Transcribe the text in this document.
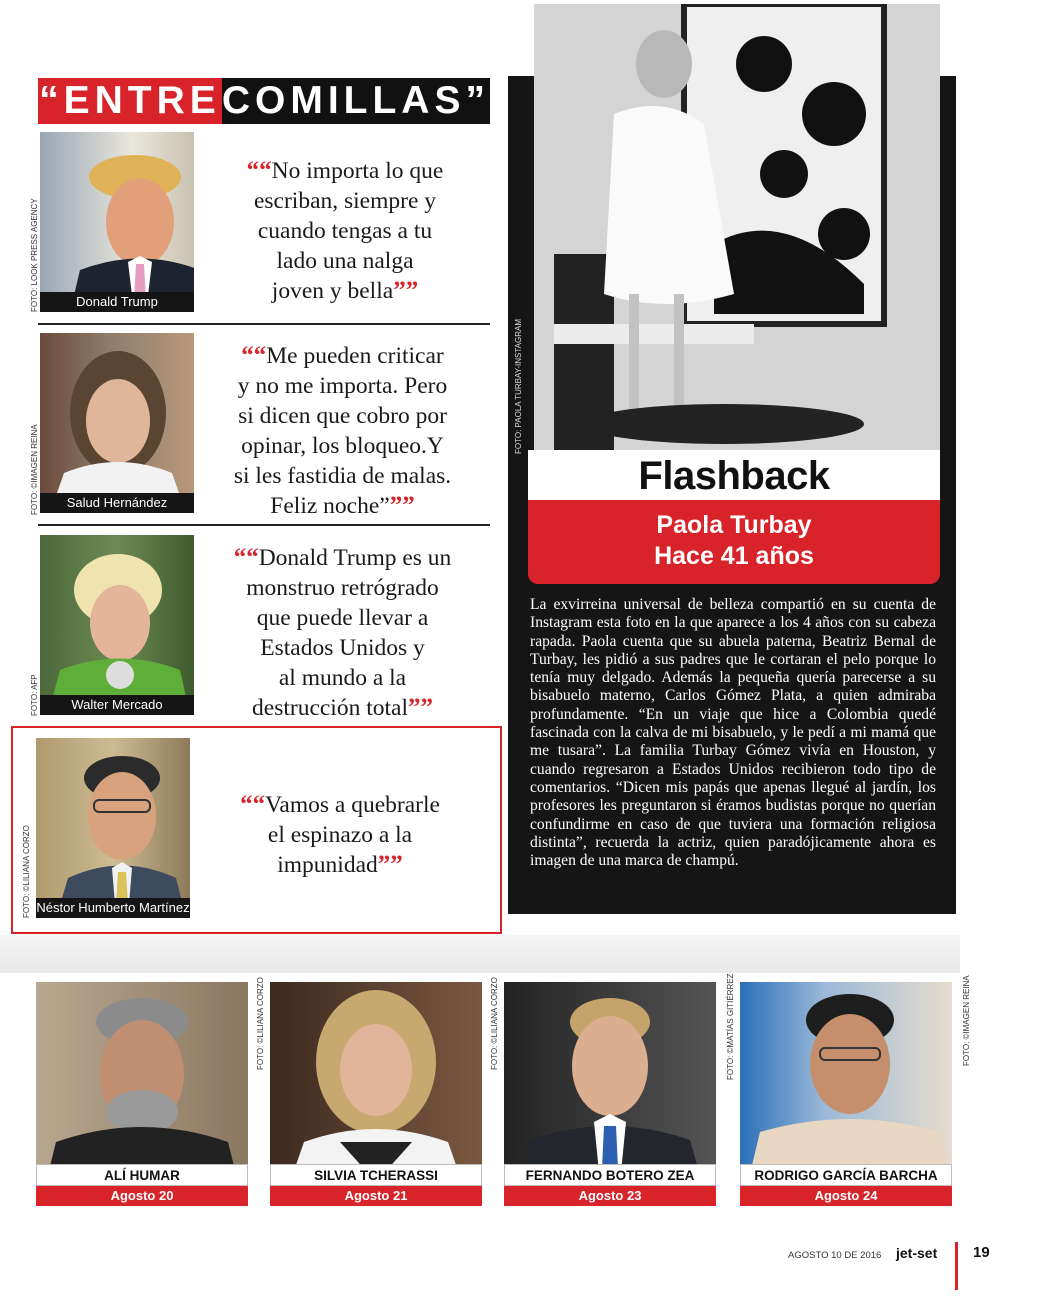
“ENTRE COMILLAS”
FOTO: LOOK PRESS AGENCY	Donald Trump
““No importa lo que
escriban, siempre y
cuando tengas a tu
lado una nalga
joven y bella””
FOTO: ©IMAGEN REINA	Salud Hernández
““Me pueden criticar
y no me importa. Pero
si dicen que cobro por
opinar, los bloqueo.Y
si les fastidia de malas.
Feliz noche”””
FOTO: AFP	Walter Mercado
““Donald Trump es un
monstruo retrógrado
que puede llevar a
Estados Unidos y
al mundo a la
destrucción total””
FOTO: ©LILIANA CORZO Néstor Humberto Martínez
““Vamos a quebrarle
el espinazo a la
impunidad””
FOTO: PAOLA TURBAY-INSTAGRAM
Flashback
Paola Turbay
Hace 41 años
La exvirreina universal de belleza compartió en su cuenta de Instagram esta foto en la que aparece a los 4 años con su cabeza rapada. Paola cuenta que su abuela paterna, Beatriz Bernal de Turbay, les pidió a sus padres que le cortaran el pelo porque lo tenía muy delgado. Además la pequeña quería parecerse a su bisabuelo materno, Carlos Gómez Plata, a quien admiraba profundamente. “En un viaje que hice a Colombia quedé fascinada con la calva de mi bisabuelo, y le pedí a mi mamá que me tusara”. La familia Turbay Gómez vivía en Houston, y cuando regresaron a Estados Unidos recibieron todo tipo de comentarios. “Dicen mis papás que apenas llegué al jardín, los profesores les preguntaron si éramos budistas porque no querían confundirme en caso de que tuviera una formación religiosa distinta”, recuerda la actriz, quien paradójicamente ahora es imagen de una marca de champú.
ALÍ HUMAR
Agosto 20
FOTO: ©LILIANA CORZO
SILVIA TCHERASSI
Agosto 21
FOTO: ©LILIANA CORZO
FERNANDO BOTERO ZEA
Agosto 23
FOTO: ©MATÍAS GITIÉRREZ
RODRIGO GARCÍA BARCHA
Agosto 24
FOTO: ©IMAGEN REINA
AGOSTO 10 DE 2016 jet-set 19
